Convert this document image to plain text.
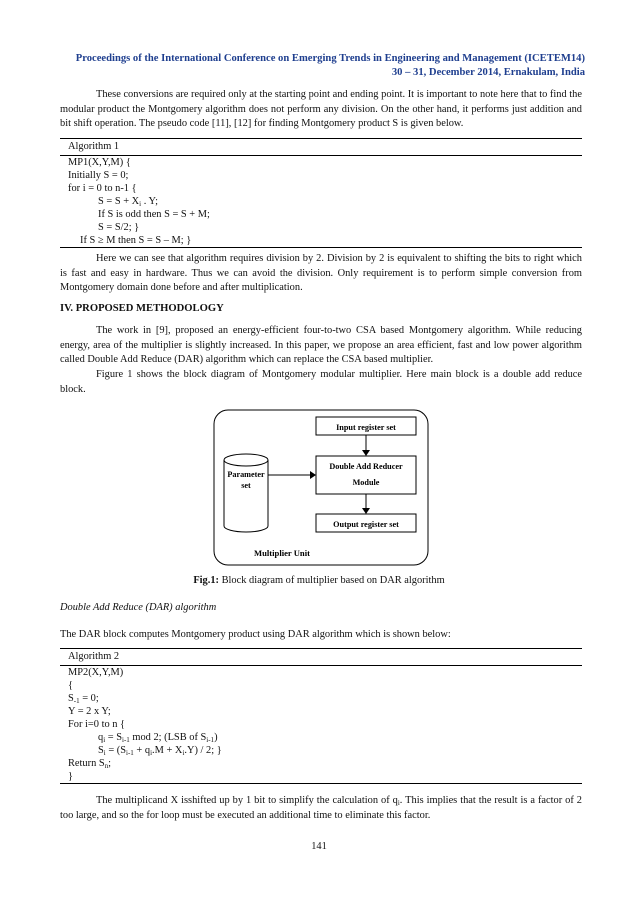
Proceedings of the International Conference on Emerging Trends in Engineering and Management (ICETEM14)
30 – 31, December 2014, Ernakulam, India
These conversions are required only at the starting point and ending point. It is important to note here that to find the modular product the Montgomery algorithm does not perform any division. On the other hand, it performs just addition and bit shift operation. The pseudo code [11], [12] for finding Montgomery product S is given below.
Algorithm 1
MP1(X,Y,M) {
Initially S = 0;
for i = 0 to n-1 {
$S = S + X_i$ . Y;
If S is odd then S = S + M;
S = S/2; }
If S ≥ M then S = S – M; }
Here we can see that algorithm requires division by 2. Division by 2 is equivalent to shifting the bits to right which is fast and easy in hardware. Thus we can avoid the division. Only requirement is to perform simple conversion from Montgomery domain done before and after multiplication.
IV. PROPOSED METHODOLOGY
The work in [9], proposed an energy-efficient four-to-two CSA based Montgomery algorithm. While reducing energy, area of the multiplier is slightly increased. In this paper, we propose an area efficient, fast and low power algorithm called Double Add Reduce (DAR) algorithm which can replace the CSA based multiplier.
Figure 1 shows the block diagram of Montgomery modular multiplier. Here main block is a double add reduce block.
Input register set
Double Add Reducer
Module
Parameter
set
Output register set
Multiplier Unit
Fig.1: Block diagram of multiplier based on DAR algorithm
Double Add Reduce (DAR) algorithm
The DAR block computes Montgomery product using DAR algorithm which is shown below:
Algorithm 2
MP2(X,Y,M)
{
$S_{-1} = 0$;
Y = 2 x Y;
For i=0 to n {
$q_i = S_{i-1}$ mod 2; (LSB of $S_{i-1}$)
$S_i = (S_{i-1} + q_i.M + X_i.Y) / 2$; }
Return $S_n$;
}
The multiplicand X isshifted up by 1 bit to simplify the calculation of $q_i$. This implies that the result is a factor of 2 too large, and so the for loop must be executed an additional time to eliminate this factor.
141
